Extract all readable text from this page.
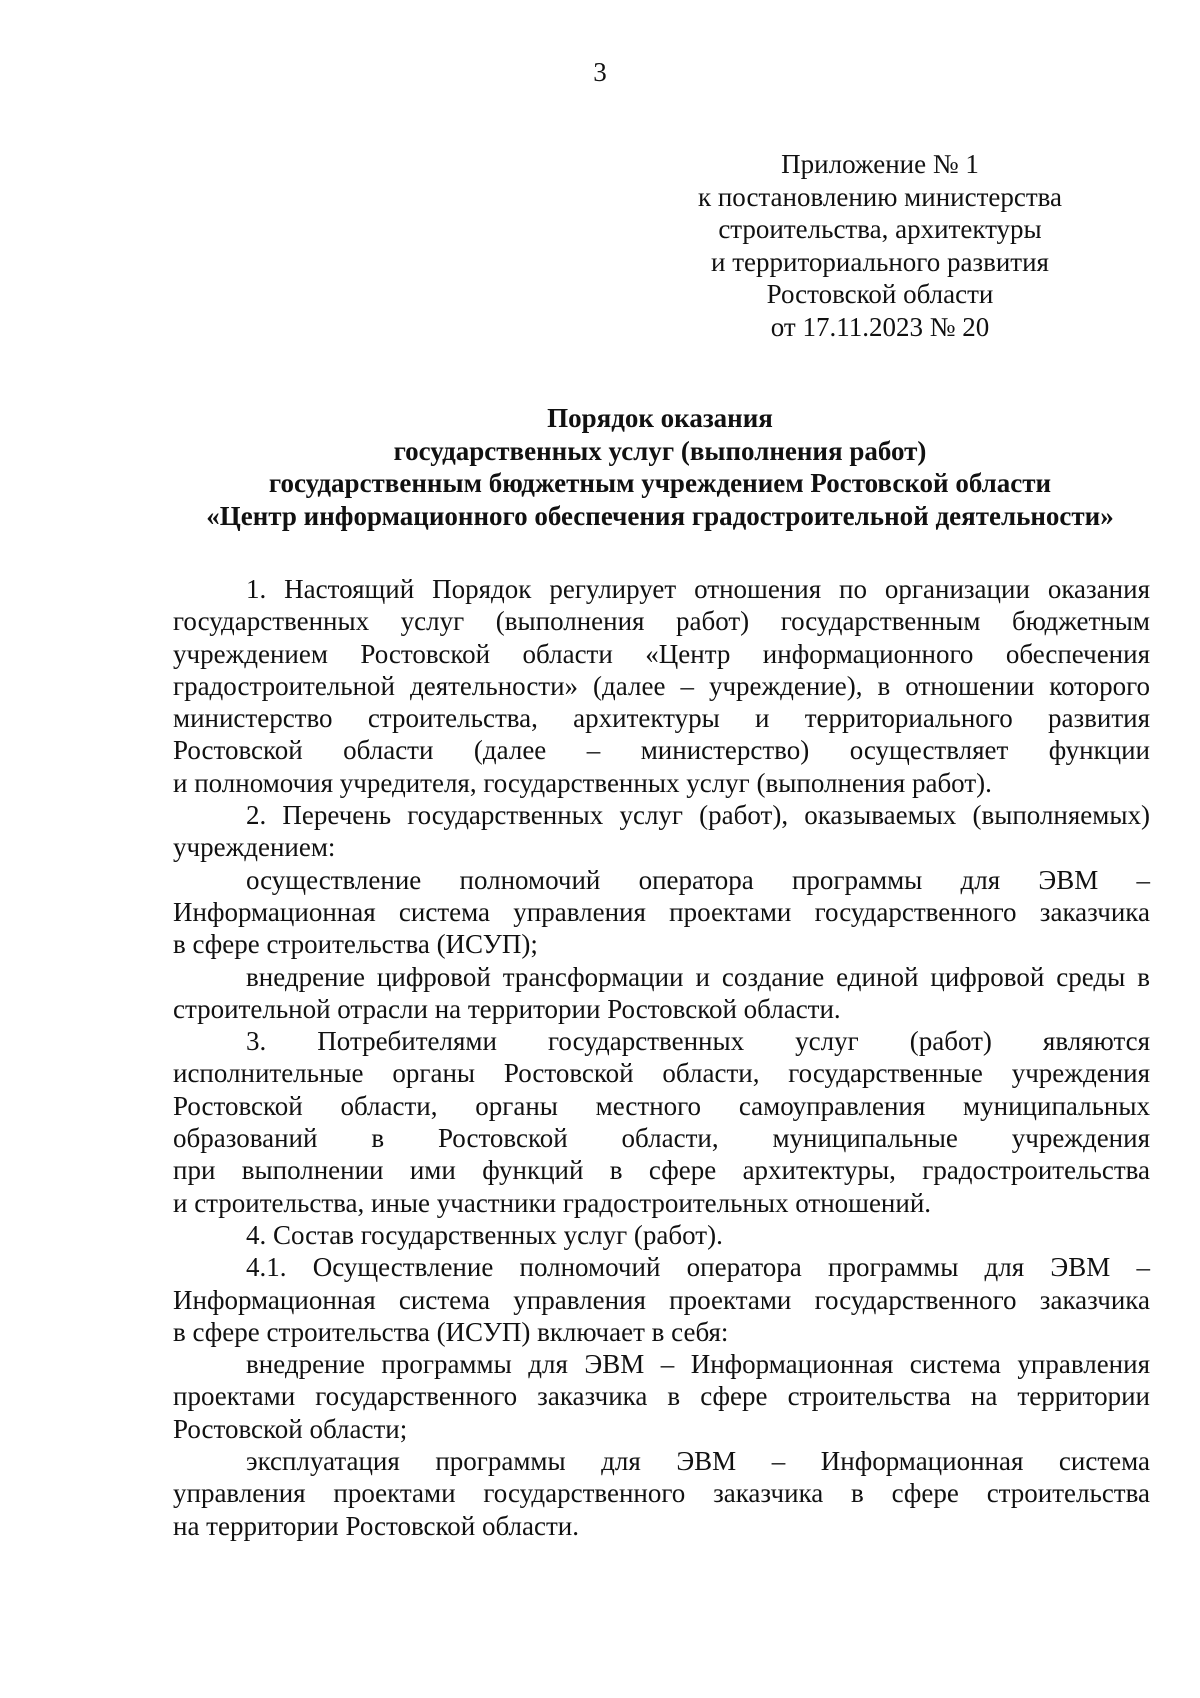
3
Приложение № 1
к постановлению министерства
строительства, архитектуры
и территориального развития
Ростовской области
от 17.11.2023 № 20
Порядок оказания
государственных услуг (выполнения работ)
государственным бюджетным учреждением Ростовской области
«Центр информационного обеспечения градостроительной деятельности»
1. Настоящий Порядок регулирует отношения по организации оказания
государственных услуг (выполнения работ) государственным бюджетным
учреждением Ростовской области «Центр информационного обеспечения
градостроительной деятельности» (далее – учреждение), в отношении которого
министерство строительства, архитектуры и территориального развития
Ростовской области (далее – министерство) осуществляет функции
и полномочия учредителя, государственных услуг (выполнения работ).
2. Перечень государственных услуг (работ), оказываемых (выполняемых)
учреждением:
осуществление полномочий оператора программы для ЭВМ –
Информационная система управления проектами государственного заказчика
в сфере строительства (ИСУП);
внедрение цифровой трансформации и создание единой цифровой среды в
строительной отрасли на территории Ростовской области.
3. Потребителями государственных услуг (работ) являются
исполнительные органы Ростовской области, государственные учреждения
Ростовской области, органы местного самоуправления муниципальных
образований в Ростовской области, муниципальные учреждения
при выполнении ими функций в сфере архитектуры, градостроительства
и строительства, иные участники градостроительных отношений.
4. Состав государственных услуг (работ).
4.1. Осуществление полномочий оператора программы для ЭВМ –
Информационная система управления проектами государственного заказчика
в сфере строительства (ИСУП) включает в себя:
внедрение программы для ЭВМ – Информационная система управления
проектами государственного заказчика в сфере строительства на территории
Ростовской области;
эксплуатация программы для ЭВМ – Информационная система
управления проектами государственного заказчика в сфере строительства
на территории Ростовской области.
